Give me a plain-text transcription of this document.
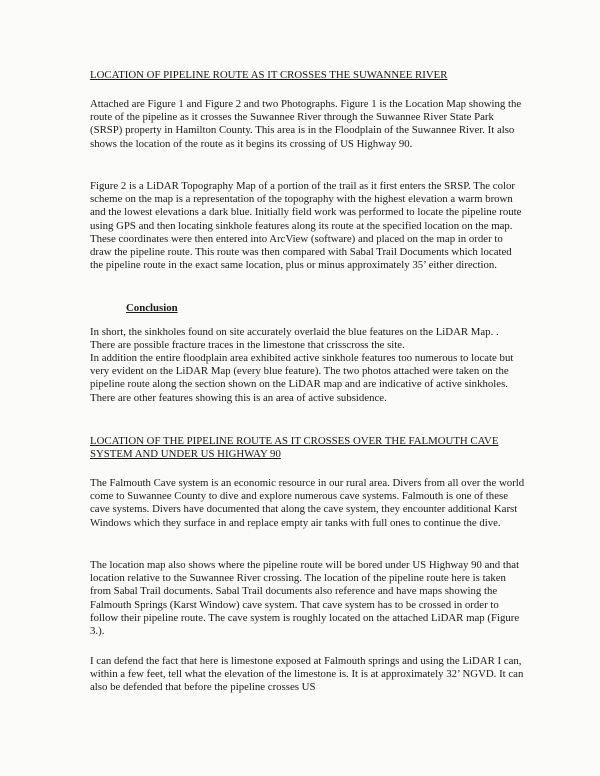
LOCATION OF PIPELINE ROUTE AS IT CROSSES THE SUWANNEE RIVER

Attached are Figure 1 and Figure 2 and two Photographs. Figure 1 is the Location Map showing the route of the pipeline as it crosses the Suwannee River through the Suwannee River State Park (SRSP) property in Hamilton County. This area is in the Floodplain of the Suwannee River. It also shows the location of the route as it begins its crossing of US Highway 90.

Figure 2 is a LiDAR Topography Map of a portion of the trail as it first enters the SRSP. The color scheme on the map is a representation of the topography with the highest elevation a warm brown and the lowest elevations a dark blue. Initially field work was performed to locate the pipeline route using GPS and then locating sinkhole features along its route at the specified location on the map. These coordinates were then entered into ArcView (software) and placed on the map in order to draw the pipeline route. This route was then compared with Sabal Trail Documents which located the pipeline route in the exact same location, plus or minus approximately 35’ either direction.

Conclusion

In short, the sinkholes found on site accurately overlaid the blue features on the LiDAR Map. . There are possible fracture traces in the limestone that crisscross the site.

In addition the entire floodplain area exhibited active sinkhole features too numerous to locate but very evident on the LiDAR Map (every blue feature). The two photos attached were taken on the pipeline route along the section shown on the LiDAR map and are indicative of active sinkholes. There are other features showing this is an area of active subsidence.

LOCATION OF THE PIPELINE ROUTE AS IT CROSSES OVER THE FALMOUTH CAVE SYSTEM AND UNDER US HIGHWAY 90

The Falmouth Cave system is an economic resource in our rural area. Divers from all over the world come to Suwannee County to dive and explore numerous cave systems. Falmouth is one of these cave systems. Divers have documented that along the cave system, they encounter additional Karst Windows which they surface in and replace empty air tanks with full ones to continue the dive.

The location map also shows where the pipeline route will be bored under US Highway 90 and that location relative to the Suwannee River crossing. The location of the pipeline route here is taken from Sabal Trail documents. Sabal Trail documents also reference and have maps showing the Falmouth Springs (Karst Window) cave system. That cave system has to be crossed in order to follow their pipeline route. The cave system is roughly located on the attached LiDAR map (Figure 3.).

I can defend the fact that here is limestone exposed at Falmouth springs and using the LiDAR I can, within a few feet, tell what the elevation of the limestone is. It is at approximately 32’ NGVD. It can also be defended that before the pipeline crosses US
